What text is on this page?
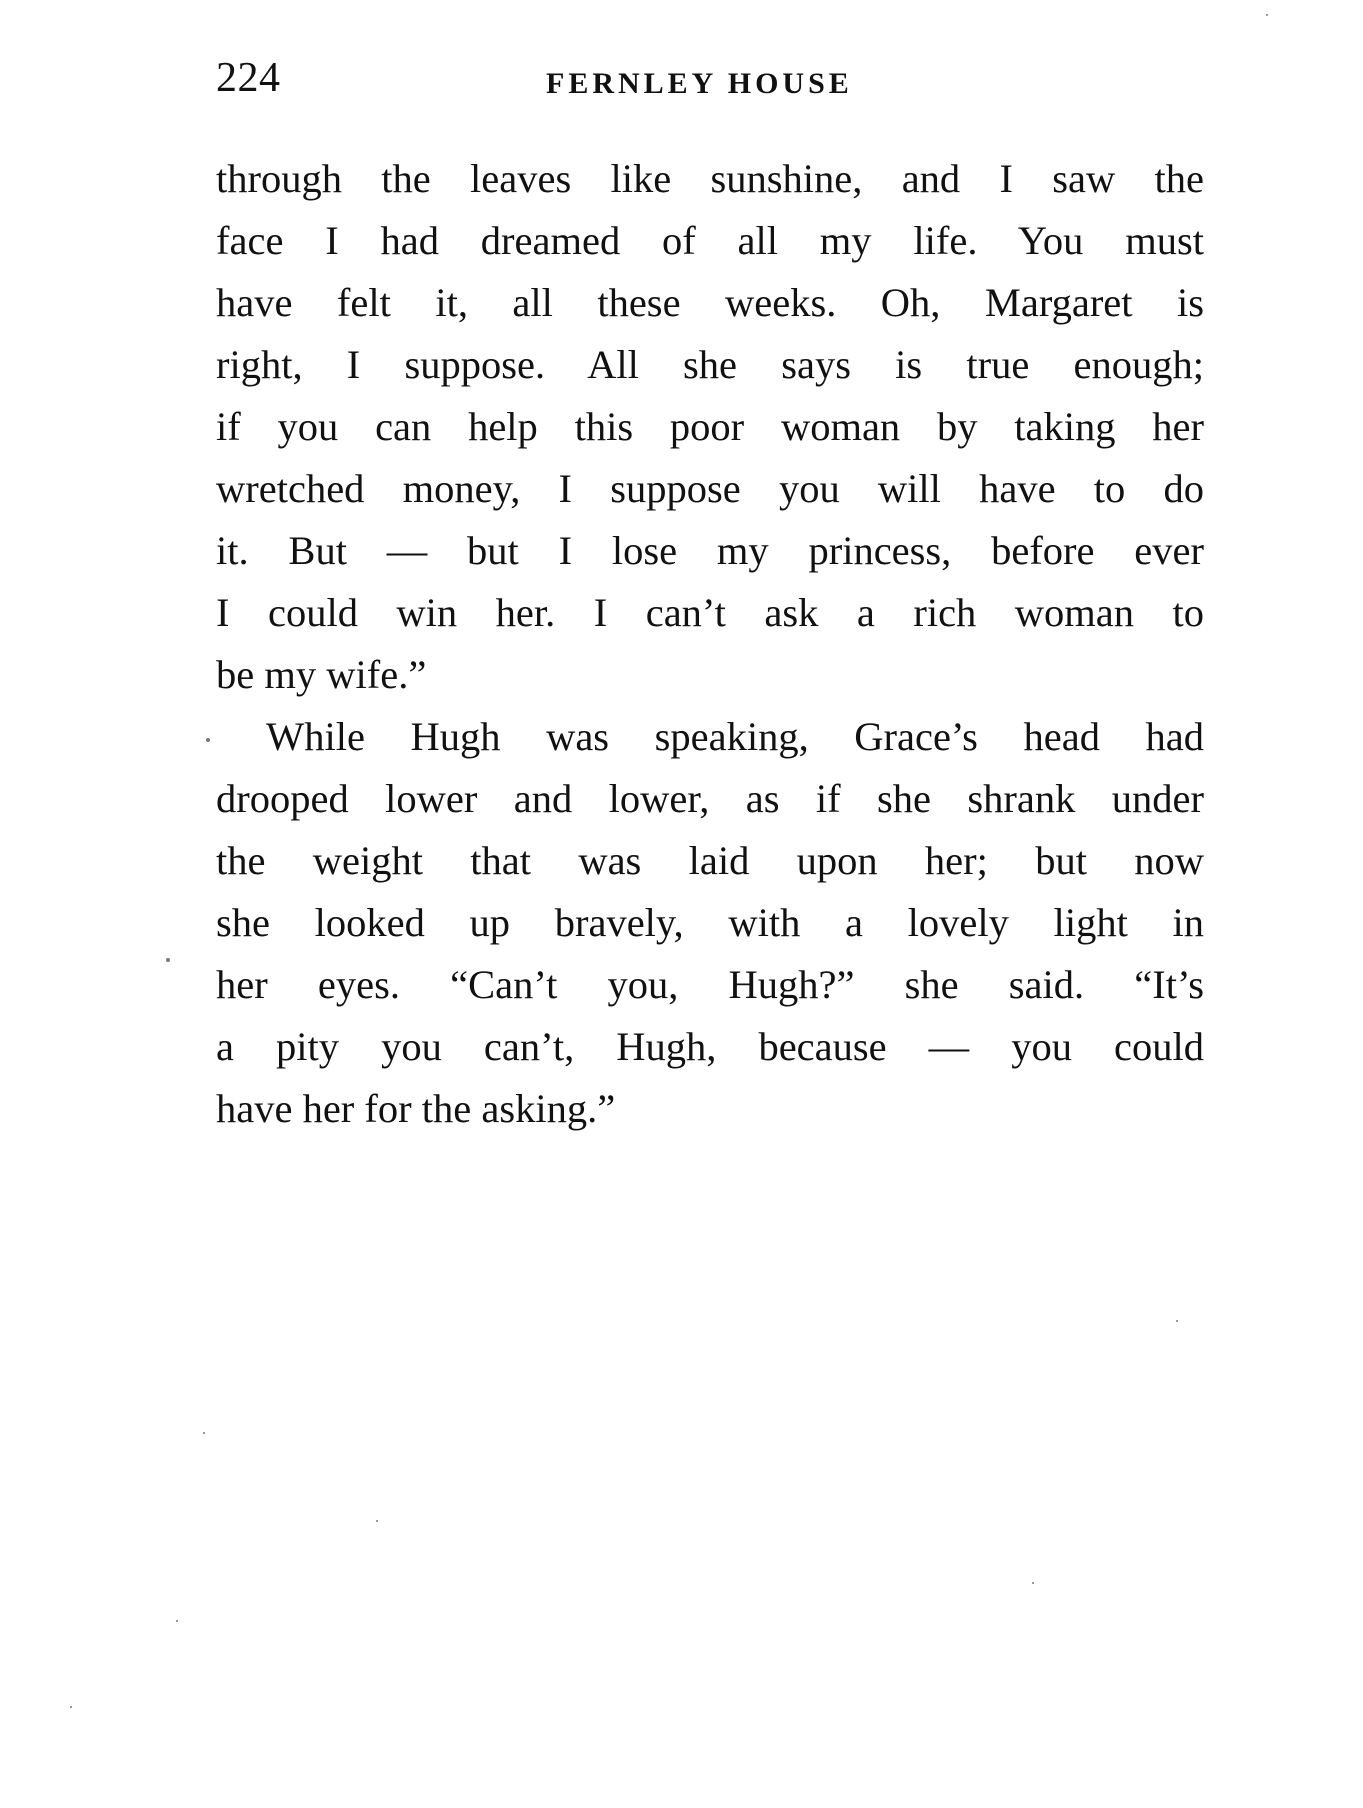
224	FERNLEY HOUSE
through the leaves like sunshine, and I saw the
face I had dreamed of all my life. You must
have felt it, all these weeks. Oh, Margaret is
right, I suppose. All she says is true enough;
if you can help this poor woman by taking her
wretched money, I suppose you will have to do
it. But — but I lose my princess, before ever
I could win her. I can’t ask a rich woman to
be my wife.”
While Hugh was speaking, Grace’s head had
drooped lower and lower, as if she shrank under
the weight that was laid upon her; but now
she looked up bravely, with a lovely light in
her eyes. “Can’t you, Hugh?” she said. “It’s
a pity you can’t, Hugh, because — you could
have her for the asking.”
